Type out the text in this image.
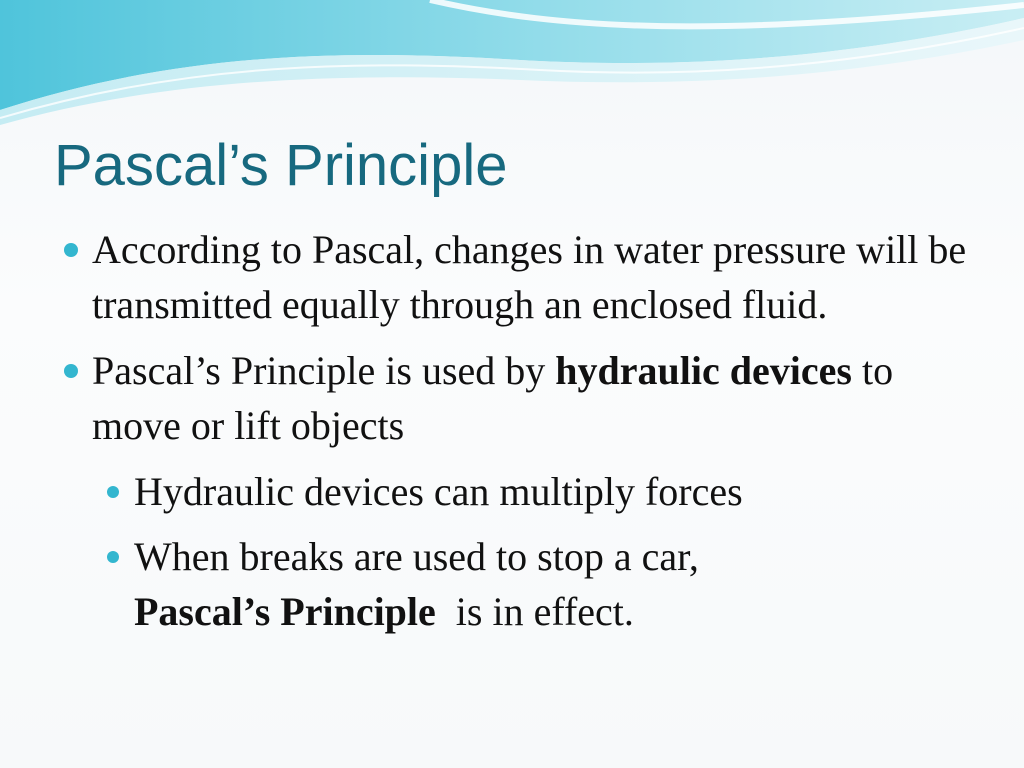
Pascal’s Principle
According to Pascal, changes in water pressure will be transmitted equally through an enclosed fluid.
Pascal’s Principle is used by hydraulic devices to move or lift objects
Hydraulic devices can multiply forces
When breaks are used to stop a car, Pascal’s Principle  is in effect.
